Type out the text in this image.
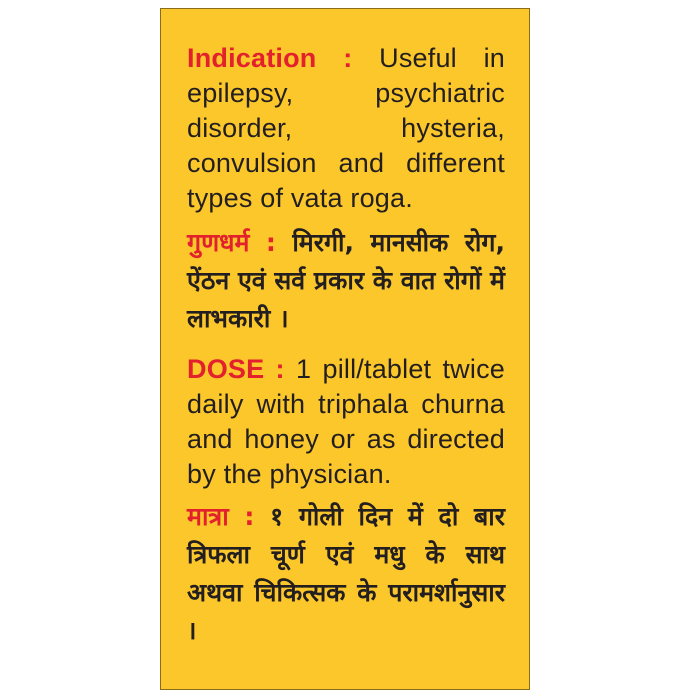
Indication : Useful in epilepsy, psychiatric disorder, hysteria, convulsion and different types of vata roga.

गुणधर्म : मिरगी, मानसीक रोग, ऐंठन एवं सर्व प्रकार के वात रोगों में लाभकारी ।

DOSE : 1 pill/tablet twice daily with triphala churna and honey or as directed by the physician.

मात्रा : १ गोली दिन में दो बार त्रिफला चूर्ण एवं मधु के साथ अथवा चिकित्सक के परामर्शानुसार ।
